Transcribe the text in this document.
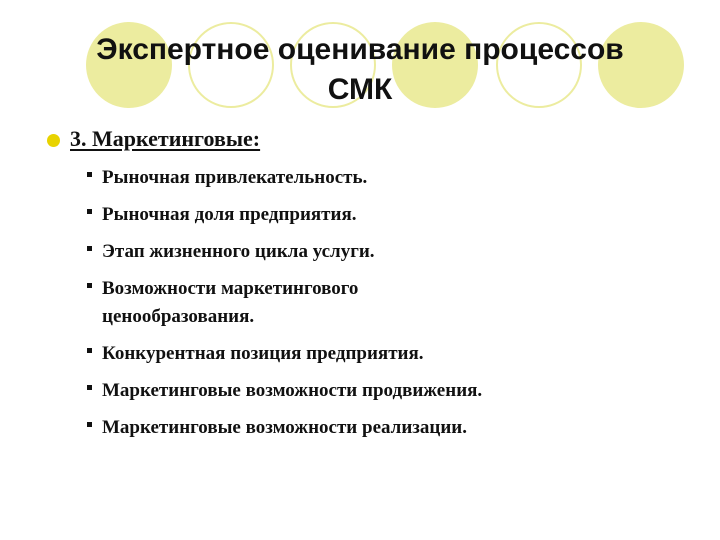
Экспертное оценивание процессов
СМК
3. Маркетинговые:
Рыночная привлекательность.
Рыночная доля предприятия.
Этап жизненного цикла услуги.
Возможности маркетингового ценообразования.
Конкурентная позиция предприятия.
Маркетинговые возможности продвижения.
Маркетинговые возможности реализации.
